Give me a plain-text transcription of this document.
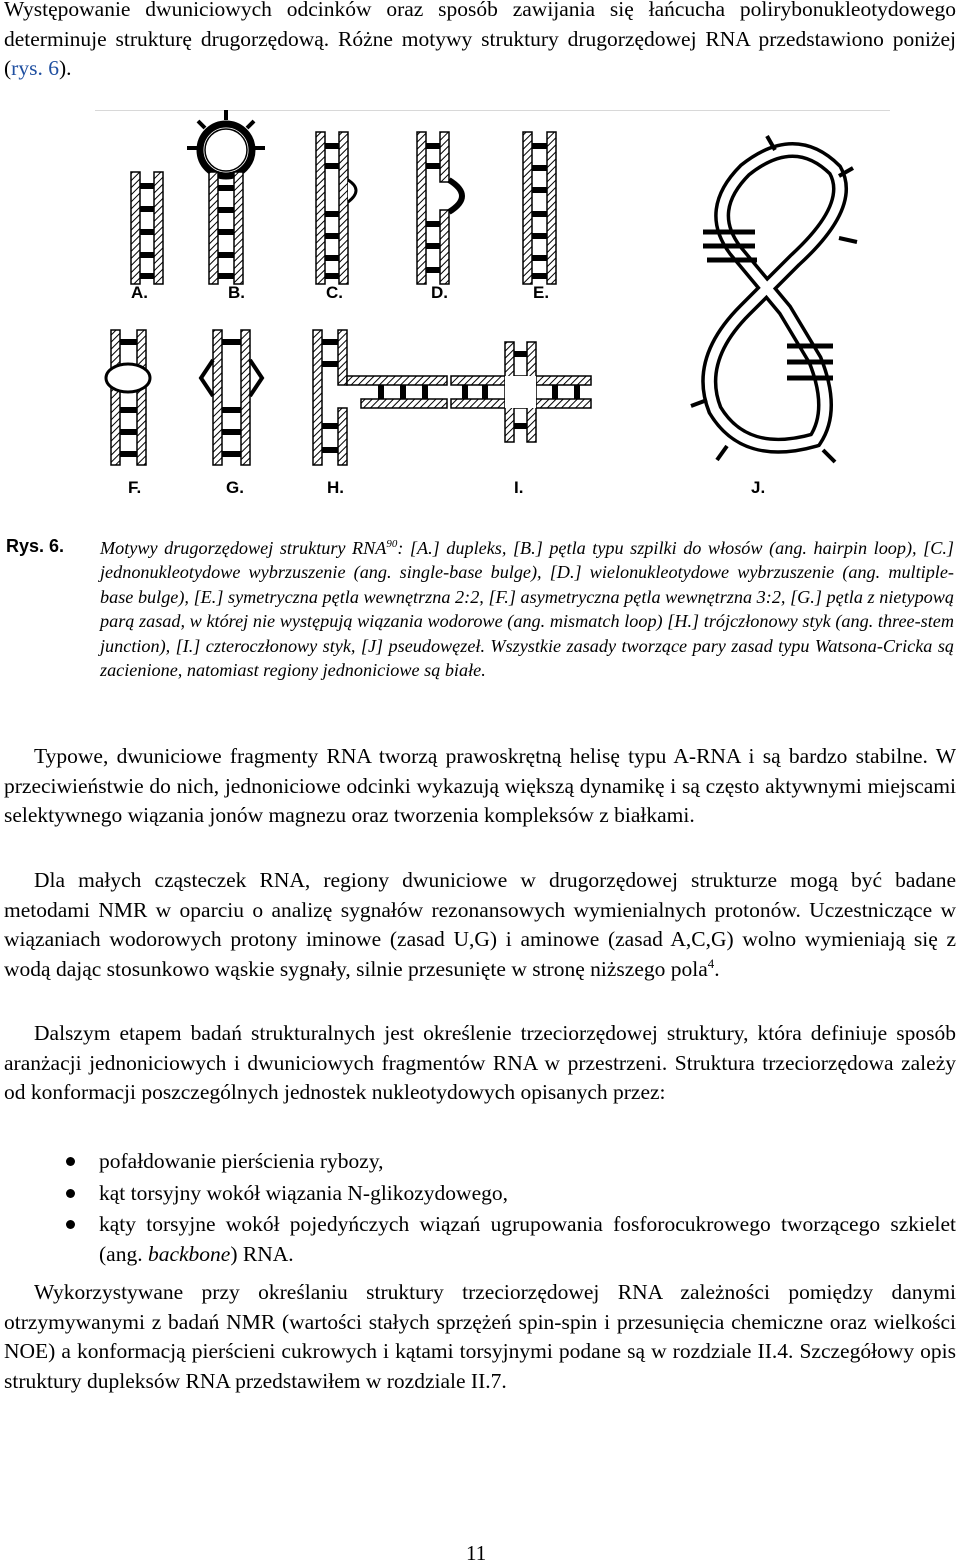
Występowanie dwuniciowych odcinków oraz sposób zawijania się łańcucha polirybonukleotydowego determinuje strukturę drugorzędową. Różne motywy struktury drugorzędowej RNA przedstawiono poniżej (rys. 6).

A.	B.	C.	D.	E.
F.	G.	H.	I.	J.
Rys. 6. Motywy drugorzędowej struktury RNA$^{90}$: [A.] dupleks, [B.] pętla typu szpilki do włosów (ang. hairpin loop), [C.] jednonukleotydowe wybrzuszenie (ang. single-base bulge), [D.] wielonukleotydowe wybrzuszenie (ang. multiple-base bulge), [E.] symetryczna pętla wewnętrzna 2:2, [F.] asymetryczna pętla wewnętrzna 3:2, [G.] pętla z nietypową parą zasad, w której nie występują wiązania wodorowe (ang. mismatch loop) [H.] trójczłonowy styk (ang. three-stem junction), [I.] czteroczłonowy styk, [J] pseudowęzeł. Wszystkie zasady tworzące pary zasad typu Watsona-Cricka są zacienione, natomiast regiony jednoniciowe są białe.

Typowe, dwuniciowe fragmenty RNA tworzą prawoskrętną helisę typu A-RNA i są bardzo stabilne. W przeciwieństwie do nich, jednoniciowe odcinki wykazują większą dynamikę i są często aktywnymi miejscami selektywnego wiązania jonów magnezu oraz tworzenia kompleksów z białkami.

Dla małych cząsteczek RNA, regiony dwuniciowe w drugorzędowej strukturze mogą być badane metodami NMR w oparciu o analizę sygnałów rezonansowych wymienialnych protonów. Uczestniczące w wiązaniach wodorowych protony iminowe (zasad U,G) i aminowe (zasad A,C,G) wolno wymieniają się z wodą dając stosunkowo wąskie sygnały, silnie przesunięte w stronę niższego pola$^4$.

Dalszym etapem badań strukturalnych jest określenie trzeciorzędowej struktury, która definiuje sposób aranżacji jednoniciowych i dwuniciowych fragmentów RNA w przestrzeni. Struktura trzeciorzędowa zależy od konformacji poszczególnych jednostek nukleotydowych opisanych przez:

pofałdowanie pierścienia rybozy,
kąt torsyjny wokół wiązania N-glikozydowego,
kąty torsyjne wokół pojedyńczych wiązań ugrupowania fosforocukrowego tworzącego szkielet (ang. backbone) RNA.

Wykorzystywane przy określaniu struktury trzeciorzędowej RNA zależności pomiędzy danymi otrzymywanymi z badań NMR (wartości stałych sprzężeń spin-spin i przesunięcia chemiczne oraz wielkości NOE) a konformacją pierścieni cukrowych i kątami torsyjnymi podane są w rozdziale II.4. Szczegółowy opis struktury dupleksów RNA przedstawiłem w rozdziale II.7.

11
